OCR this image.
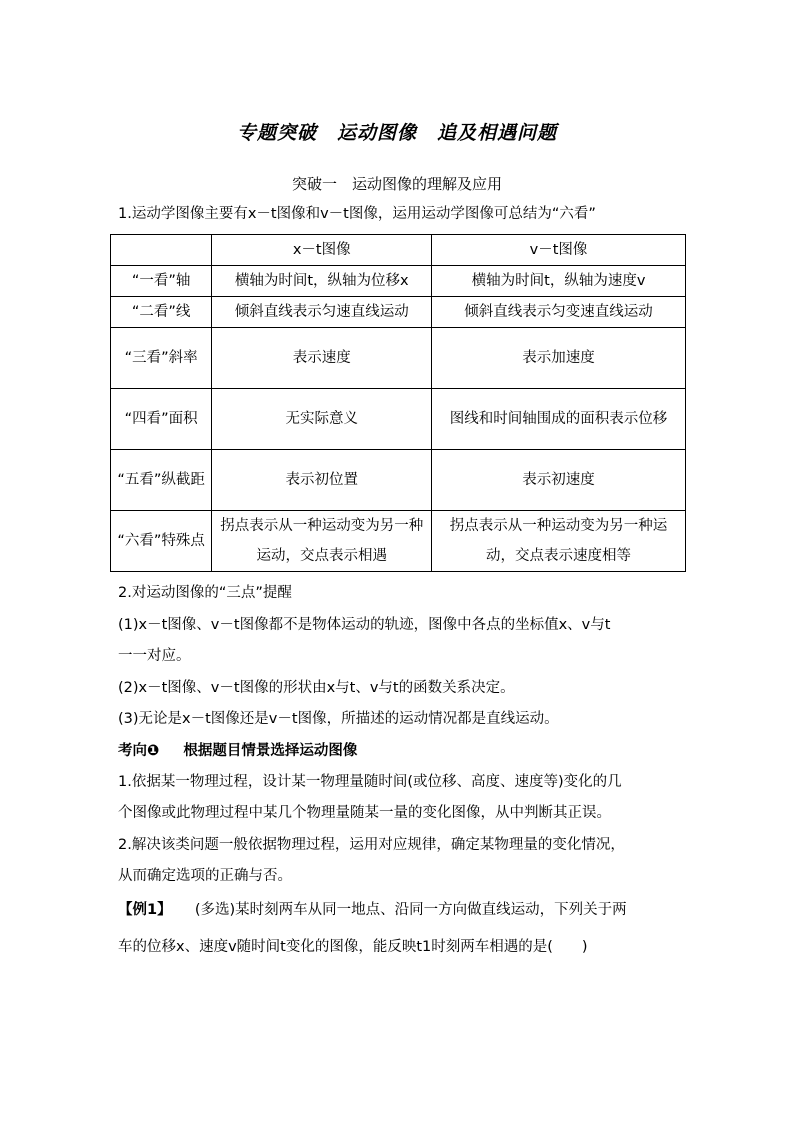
专题突破　运动图像　追及相遇问题
突破一　运动图像的理解及应用
1.运动学图像主要有x－t图像和v－t图像，运用运动学图像可总结为“六看”
	x－t图像	v－t图像
“一看”轴	横轴为时间t，纵轴为位移x	横轴为时间t，纵轴为速度v
“二看”线	倾斜直线表示匀速直线运动	倾斜直线表示匀变速直线运动
“三看”斜率	表示速度	表示加速度
“四看”面积	无实际意义	图线和时间轴围成的面积表示位移
“五看”纵截距	表示初位置	表示初速度
“六看”特殊点	拐点表示从一种运动变为另一种运动，交点表示相遇	拐点表示从一种运动变为另一种运动，交点表示速度相等
2.对运动图像的“三点”提醒
(1)x－t图像、v－t图像都不是物体运动的轨迹，图像中各点的坐标值x、v与t
一一对应。
(2)x－t图像、v－t图像的形状由x与t、v与t的函数关系决定。
(3)无论是x－t图像还是v－t图像，所描述的运动情况都是直线运动。
考向❶ 根据题目情景选择运动图像
1.依据某一物理过程，设计某一物理量随时间(或位移、高度、速度等)变化的几
个图像或此物理过程中某几个物理量随某一量的变化图像，从中判断其正误。
2.解决该类问题一般依据物理过程，运用对应规律，确定某物理量的变化情况，
从而确定选项的正确与否。
【例1】 (多选)某时刻两车从同一地点、沿同一方向做直线运动，下列关于两
车的位移x、速度v随时间t变化的图像，能反映t1时刻两车相遇的是(　　)
